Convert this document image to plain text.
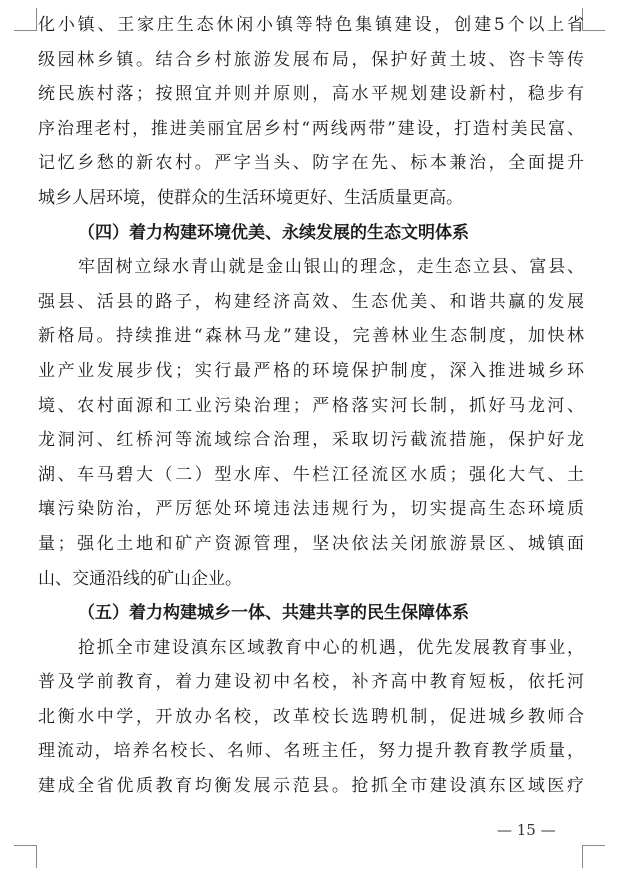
化小镇、王家庄生态休闲小镇等特色集镇建设，创建5个以上省
级园林乡镇。结合乡村旅游发展布局，保护好黄土坡、咨卡等传
统民族村落；按照宜并则并原则，高水平规划建设新村，稳步有
序治理老村，推进美丽宜居乡村“两线两带”建设，打造村美民富、
记忆乡愁的新农村。严字当头、防字在先、标本兼治，全面提升
城乡人居环境，使群众的生活环境更好、生活质量更高。
（四）着力构建环境优美、永续发展的生态文明体系
牢固树立绿水青山就是金山银山的理念，走生态立县、富县、
强县、活县的路子，构建经济高效、生态优美、和谐共赢的发展
新格局。持续推进“森林马龙”建设，完善林业生态制度，加快林
业产业发展步伐；实行最严格的环境保护制度，深入推进城乡环
境、农村面源和工业污染治理；严格落实河长制，抓好马龙河、
龙洞河、红桥河等流域综合治理，采取切污截流措施，保护好龙
湖、车马碧大（二）型水库、牛栏江径流区水质；强化大气、土
壤污染防治，严厉惩处环境违法违规行为，切实提高生态环境质
量；强化土地和矿产资源管理，坚决依法关闭旅游景区、城镇面
山、交通沿线的矿山企业。
（五）着力构建城乡一体、共建共享的民生保障体系
抢抓全市建设滇东区域教育中心的机遇，优先发展教育事业，
普及学前教育，着力建设初中名校，补齐高中教育短板，依托河
北衡水中学，开放办名校，改革校长选聘机制，促进城乡教师合
理流动，培养名校长、名师、名班主任，努力提升教育教学质量，
建成全省优质教育均衡发展示范县。抢抓全市建设滇东区域医疗
— 15 —
